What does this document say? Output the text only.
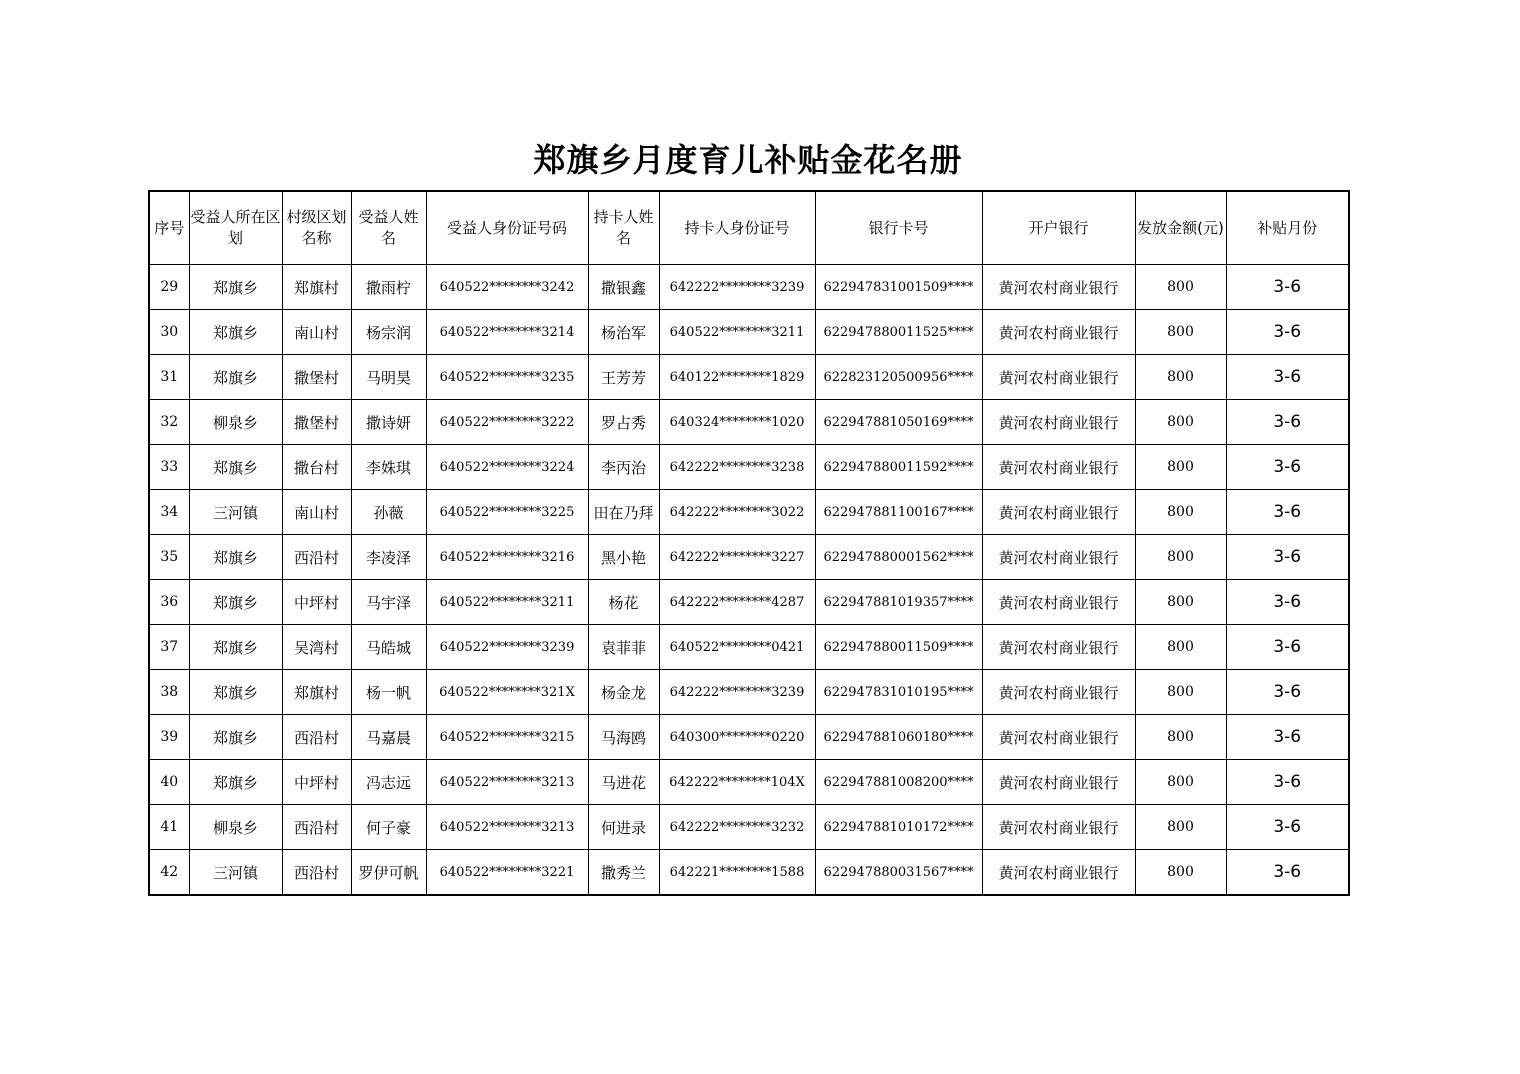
郑旗乡月度育儿补贴金花名册
序号	受益人所在区划	村级区划名称	受益人姓名	受益人身份证号码	持卡人姓名	持卡人身份证号	银行卡号	开户银行	发放金额(元)	补贴月份
29	郑旗乡	郑旗村	撒雨柠	640522********3242	撒银鑫	642222********3239	622947831001509****	黄河农村商业银行	800	3-6
30	郑旗乡	南山村	杨宗润	640522********3214	杨治军	640522********3211	622947880011525****	黄河农村商业银行	800	3-6
31	郑旗乡	撒堡村	马明昊	640522********3235	王芳芳	640122********1829	622823120500956****	黄河农村商业银行	800	3-6
32	柳泉乡	撒堡村	撒诗妍	640522********3222	罗占秀	640324********1020	622947881050169****	黄河农村商业银行	800	3-6
33	郑旗乡	撒台村	李姝琪	640522********3224	李丙治	642222********3238	622947880011592****	黄河农村商业银行	800	3-6
34	三河镇	南山村	孙薇	640522********3225	田在乃拜	642222********3022	622947881100167****	黄河农村商业银行	800	3-6
35	郑旗乡	西沿村	李凌泽	640522********3216	黑小艳	642222********3227	622947880001562****	黄河农村商业银行	800	3-6
36	郑旗乡	中坪村	马宇泽	640522********3211	杨花	642222********4287	622947881019357****	黄河农村商业银行	800	3-6
37	郑旗乡	吴湾村	马皓城	640522********3239	袁菲菲	640522********0421	622947880011509****	黄河农村商业银行	800	3-6
38	郑旗乡	郑旗村	杨一帆	640522********321X	杨金龙	642222********3239	622947831010195****	黄河农村商业银行	800	3-6
39	郑旗乡	西沿村	马嘉晨	640522********3215	马海鸥	640300********0220	622947881060180****	黄河农村商业银行	800	3-6
40	郑旗乡	中坪村	冯志远	640522********3213	马进花	642222********104X	622947881008200****	黄河农村商业银行	800	3-6
41	柳泉乡	西沿村	何子豪	640522********3213	何进录	642222********3232	622947881010172****	黄河农村商业银行	800	3-6
42	三河镇	西沿村	罗伊可帆	640522********3221	撒秀兰	642221********1588	622947880031567****	黄河农村商业银行	800	3-6
